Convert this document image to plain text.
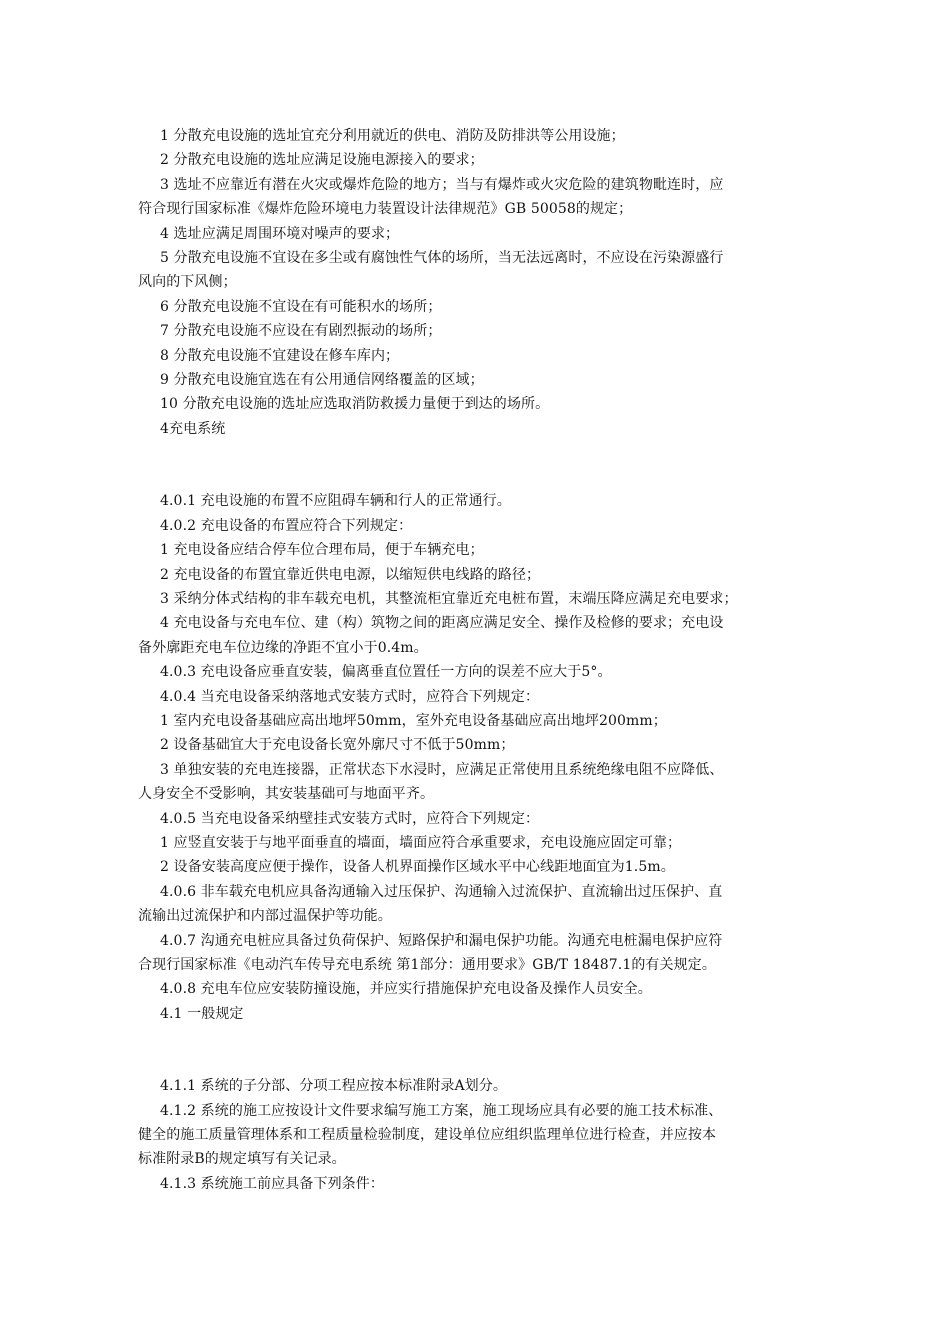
1 分散充电设施的选址宜充分利用就近的供电、消防及防排洪等公用设施；
2 分散充电设施的选址应满足设施电源接入的要求；
3 选址不应靠近有潜在火灾或爆炸危险的地方；当与有爆炸或火灾危险的建筑物毗连时，应
符合现行国家标准《爆炸危险环境电力装置设计法律规范》GB 50058的规定；
4 选址应满足周围环境对噪声的要求；
5 分散充电设施不宜设在多尘或有腐蚀性气体的场所，当无法远离时，不应设在污染源盛行
风向的下风侧；
6 分散充电设施不宜设在有可能积水的场所；
7 分散充电设施不应设在有剧烈振动的场所；
8 分散充电设施不宜建设在修车库内；
9 分散充电设施宜选在有公用通信网络覆盖的区域；
10 分散充电设施的选址应选取消防救援力量便于到达的场所。
4充电系统
4.0.1 充电设施的布置不应阻碍车辆和行人的正常通行。
4.0.2 充电设备的布置应符合下列规定：
1 充电设备应结合停车位合理布局，便于车辆充电；
2 充电设备的布置宜靠近供电电源，以缩短供电线路的路径；
3 采纳分体式结构的非车载充电机，其整流柜宜靠近充电桩布置，末端压降应满足充电要求；
4 充电设备与充电车位、建（构）筑物之间的距离应满足安全、操作及检修的要求；充电设
备外廓距充电车位边缘的净距不宜小于0.4m。
4.0.3 充电设备应垂直安装，偏离垂直位置任一方向的误差不应大于5°。
4.0.4 当充电设备采纳落地式安装方式时，应符合下列规定：
1 室内充电设备基础应高出地坪50mm，室外充电设备基础应高出地坪200mm；
2 设备基础宜大于充电设备长宽外廓尺寸不低于50mm；
3 单独安装的充电连接器，正常状态下水浸时，应满足正常使用且系统绝缘电阻不应降低、
人身安全不受影响，其安装基础可与地面平齐。
4.0.5 当充电设备采纳壁挂式安装方式时，应符合下列规定：
1 应竖直安装于与地平面垂直的墙面，墙面应符合承重要求，充电设施应固定可靠；
2 设备安装高度应便于操作，设备人机界面操作区域水平中心线距地面宜为1.5m。
4.0.6 非车载充电机应具备沟通输入过压保护、沟通输入过流保护、直流输出过压保护、直
流输出过流保护和内部过温保护等功能。
4.0.7 沟通充电桩应具备过负荷保护、短路保护和漏电保护功能。沟通充电桩漏电保护应符
合现行国家标准《电动汽车传导充电系统 第1部分：通用要求》GB/T 18487.1的有关规定。
4.0.8 充电车位应安装防撞设施，并应实行措施保护充电设备及操作人员安全。
4.1 一般规定
4.1.1 系统的子分部、分项工程应按本标准附录A划分。
4.1.2 系统的施工应按设计文件要求编写施工方案，施工现场应具有必要的施工技术标准、
健全的施工质量管理体系和工程质量检验制度，建设单位应组织监理单位进行检查，并应按本
标准附录B的规定填写有关记录。
4.1.3 系统施工前应具备下列条件：
